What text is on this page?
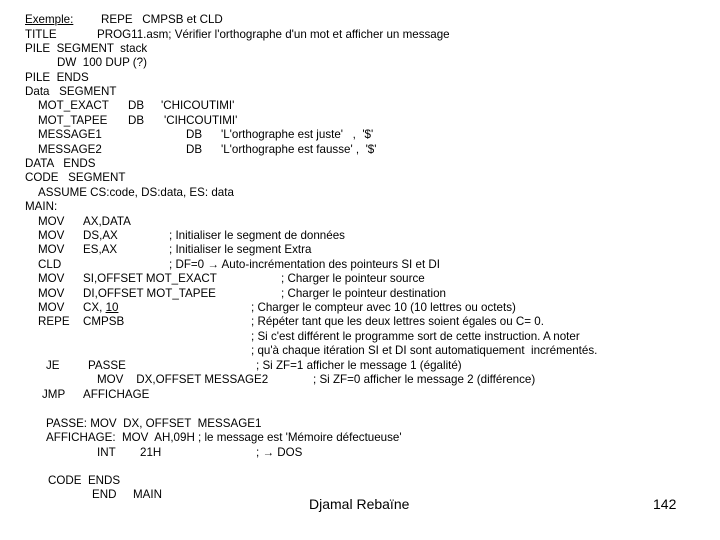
Exemple: REPE   CMPSB et CLD
TITLE	PROG11.asm; Vérifier l'orthographe d'un mot et afficher un message
PILE  SEGMENT  stack
DW  100 DUP (?)
PILE  ENDS
Data   SEGMENT
MOT_EXACT DB 'CHICOUTIMI'
MOT_TAPEE DB 'CIHCOUTIMI'
MESSAGE1	DB 'L'orthographe est juste'   ,  '$'
MESSAGE2	DB 'L'orthographe est fausse' ,  '$'
DATA   ENDS
CODE   SEGMENT
ASSUME CS:code, DS:data, ES: data
MAIN:
MOV AX,DATA
MOV DS,AX	; Initialiser le segment de données
MOV ES,AX	; Initialiser le segment Extra
CLD	; DF=0 → Auto-incrémentation des pointeurs SI et DI
MOV SI,OFFSET MOT_EXACT	; Charger le pointeur source
MOV DI,OFFSET MOT_TAPEE	; Charger le pointeur destination
MOV CX, 10	; Charger le compteur avec 10 (10 lettres ou octets)
REPE CMPSB	; Répéter tant que les deux lettres soient égales ou C= 0.
; Si c'est différent le programme sort de cette instruction. A noter
; qu'à chaque itération SI et DI sont automatiquement  incrémentés.
JE PASSE	; Si ZF=1 afficher le message 1 (égalité)
MOV    DX,OFFSET MESSAGE2	; Si ZF=0 afficher le message 2 (différence)
JMP AFFICHAGE
PASSE: MOV  DX, OFFSET  MESSAGE1
AFFICHAGE:  MOV  AH,09H ; le message est 'Mémoire défectueuse'
INT 21H	; → DOS
CODE  ENDS
END MAIN
Djamal Rebaïne	142
